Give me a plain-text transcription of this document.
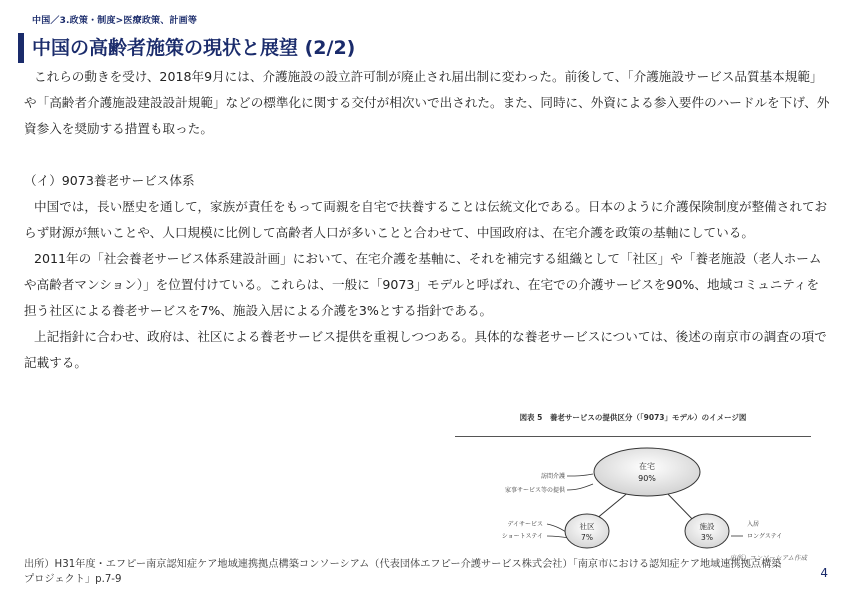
中国／3.政策・制度>医療政策、計画等
中国の高齢者施策の現状と展望 (2/2)

これらの動きを受け、2018年9月には、介護施設の設立許可制が廃止され届出制に変わった。前後して、「介護施設サービス品質基本規範」や「高齢者介護施設建設設計規範」などの標準化に関する交付が相次いで出された。また、同時に、外資による参入要件のハードルを下げ、外資参入を奨励する措置も取った。

（イ）9073養老サービス体系

中国では，長い歴史を通して，家族が責任をもって両親を自宅で扶養することは伝統文化である。日本のように介護保険制度が整備されておらず財源が無いことや、人口規模に比例して高齢者人口が多いことと合わせて、中国政府は、在宅介護を政策の基軸にしている。

2011年の「社会養老サービス体系建設計画」において、在宅介護を基軸に、それを補完する組織として「社区」や「養老施設（老人ホームや高齢者マンション）」を位置付けている。これらは、一般に「9073」モデルと呼ばれ、在宅での介護サービスを90%、地域コミュニティを担う社区による養老サービスを7%、施設入居による介護を3%とする指針である。

上記指針に合わせ、政府は、社区による養老サービス提供を重視しつつある。具体的な養老サービスについては、後述の南京市の調査の項で記載する。

図表 5　養老サービスの提供区分（「9073」モデル）のイメージ図
在宅
90%
社区
7%
施設
3%
訪問介護
家事サービス等の提供
デイサービス
ショートステイ
入居
ロングステイ
出所）コンソーシアム作成
出所）H31年度・エフピー南京認知症ケア地域連携拠点構築コンソーシアム（代表団体エフピー介護サービス株式会社）「南京市における認知症ケア地域連携拠点構築プロジェクト」p.7-9	4
